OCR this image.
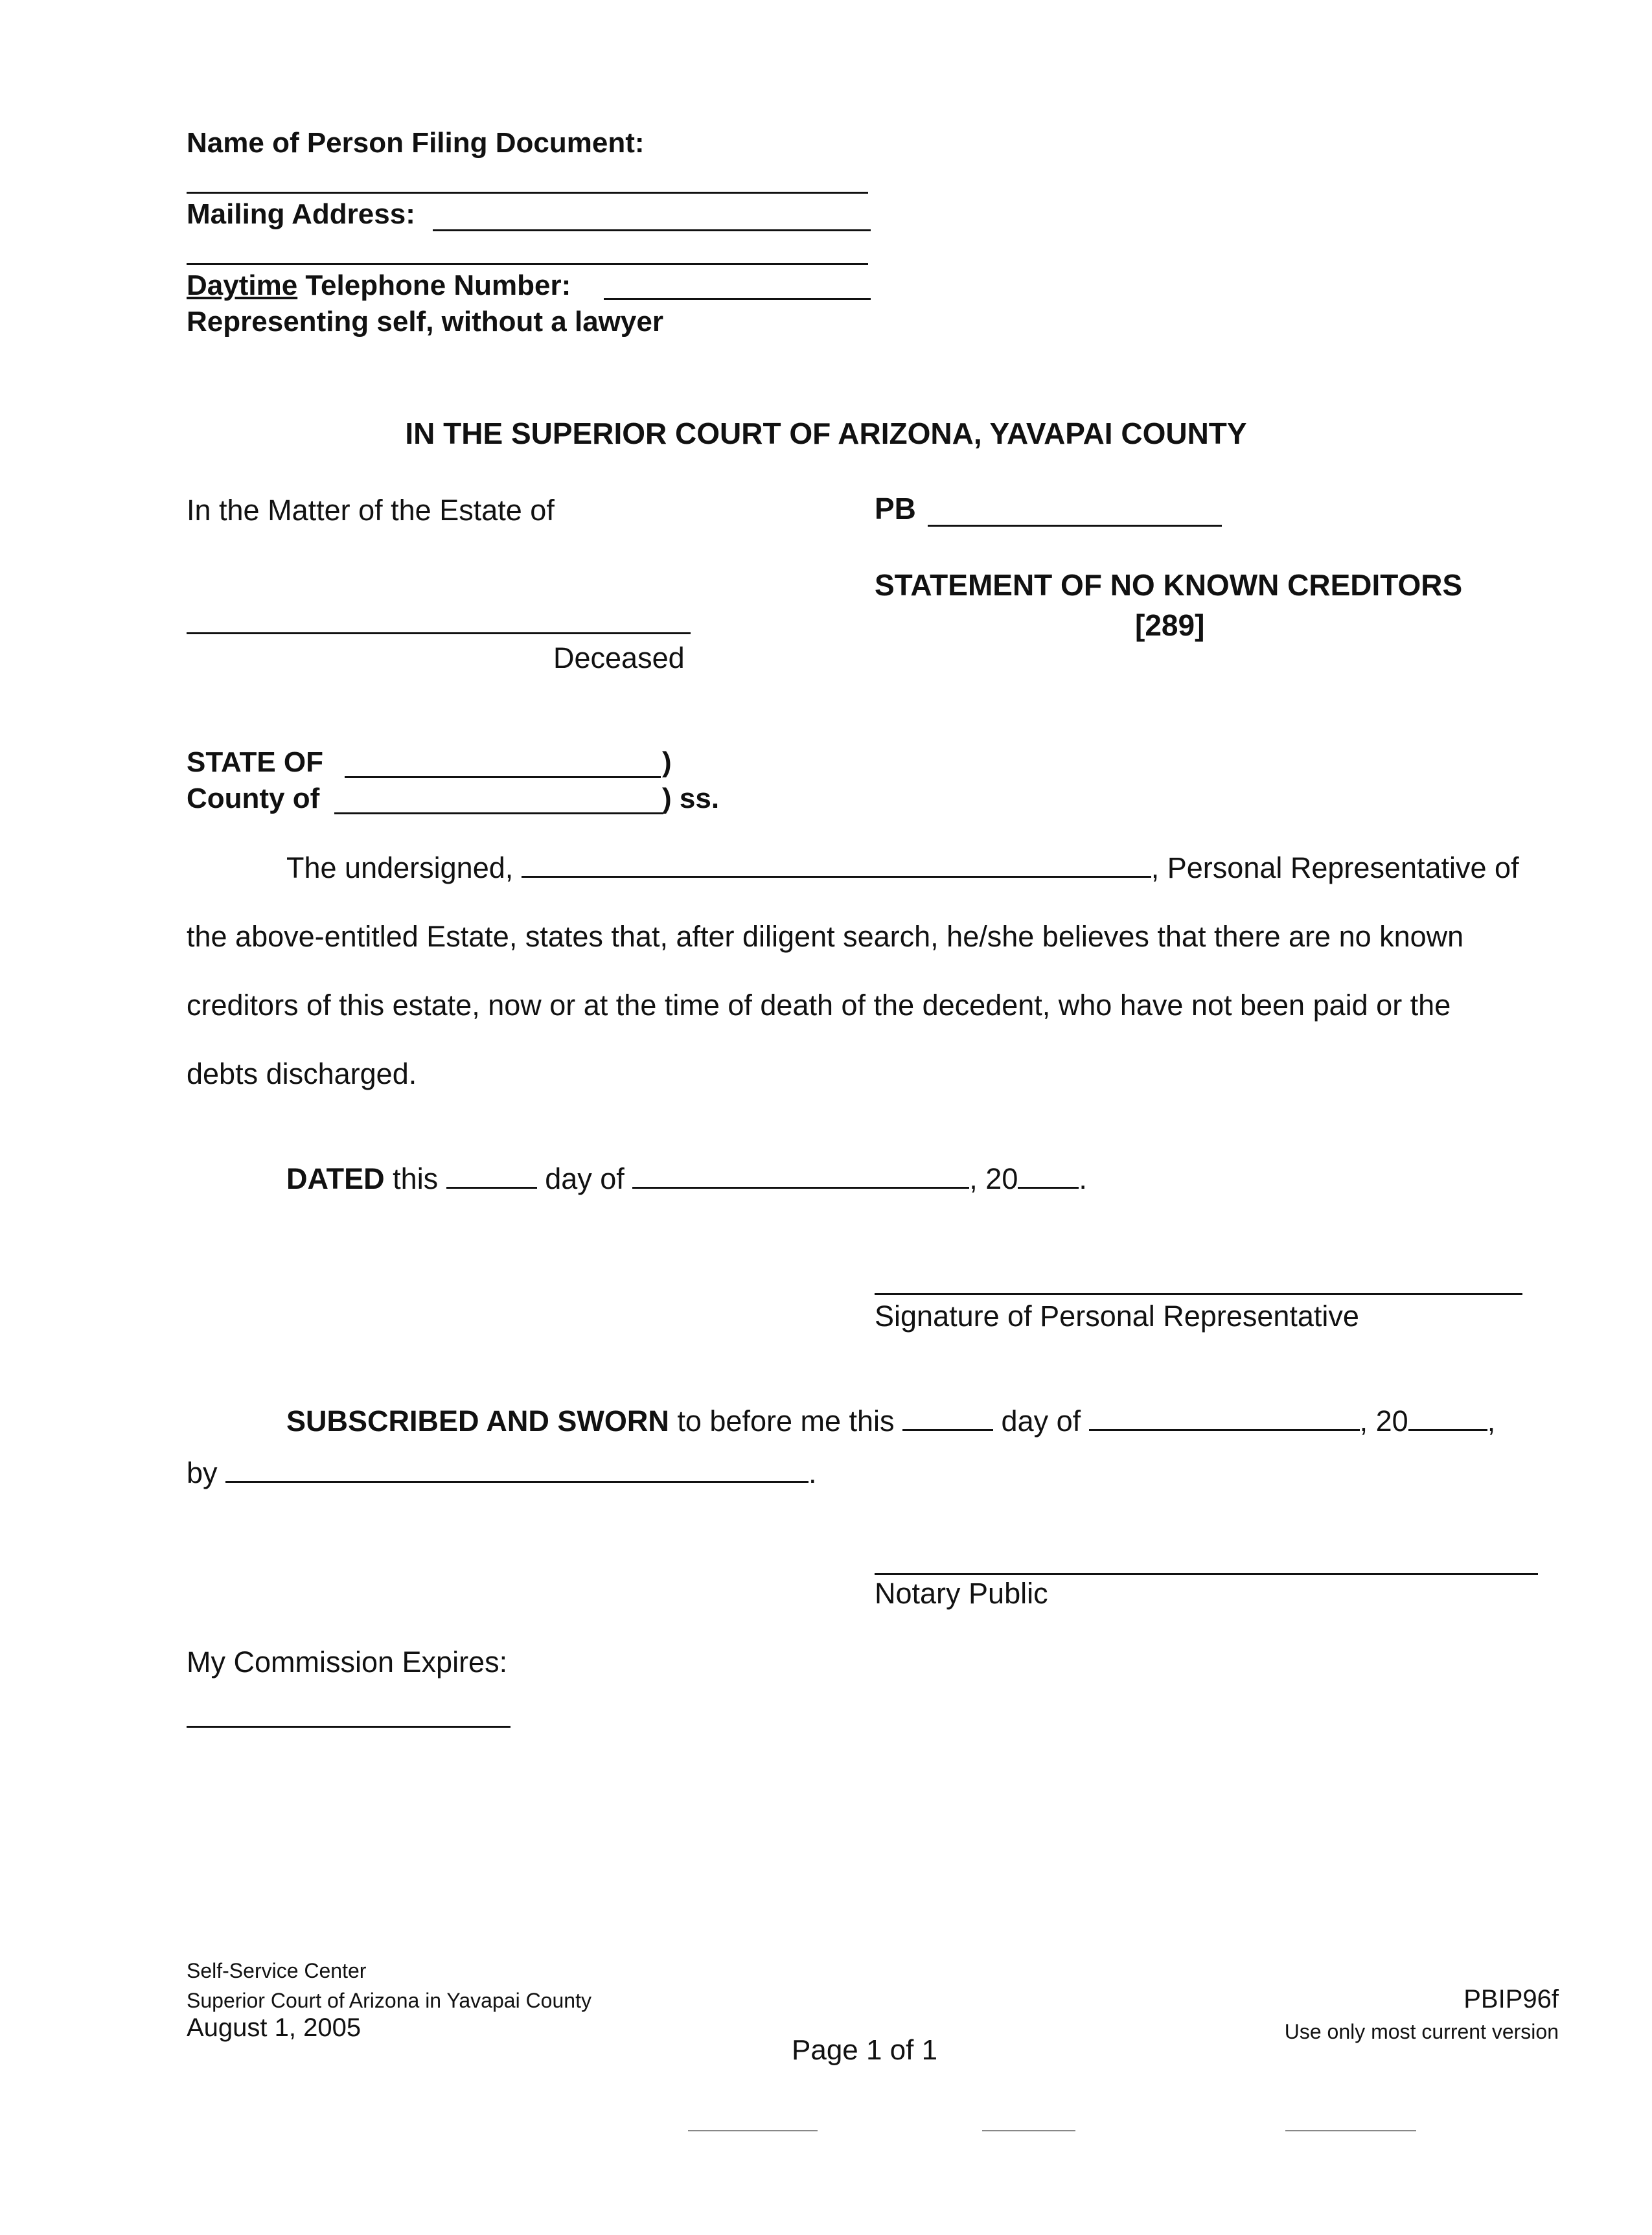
Name of Person Filing Document:
Mailing Address:
Daytime Telephone Number:
Representing self, without a lawyer
IN THE SUPERIOR COURT OF ARIZONA, YAVAPAI COUNTY
In the Matter of the Estate of
Deceased
PB
STATEMENT OF NO KNOWN CREDITORS
[289]
STATE OF	)
County of	) ss.
The undersigned,	, Personal Representative of
the above-entitled Estate, states that, after diligent search, he/she believes that there are no known
creditors of this estate, now or at the time of death of the decedent, who have not been paid or the
debts discharged.
DATED this	day of	, 20 .
Signature of Personal Representative
SUBSCRIBED AND SWORN to before me this	day of	, 20	,
by	.
Notary Public
My Commission Expires:
Self-Service Center
Superior Court of Arizona in Yavapai County
August 1, 2005
Page 1 of 1
PBIP96f
Use only most current version
